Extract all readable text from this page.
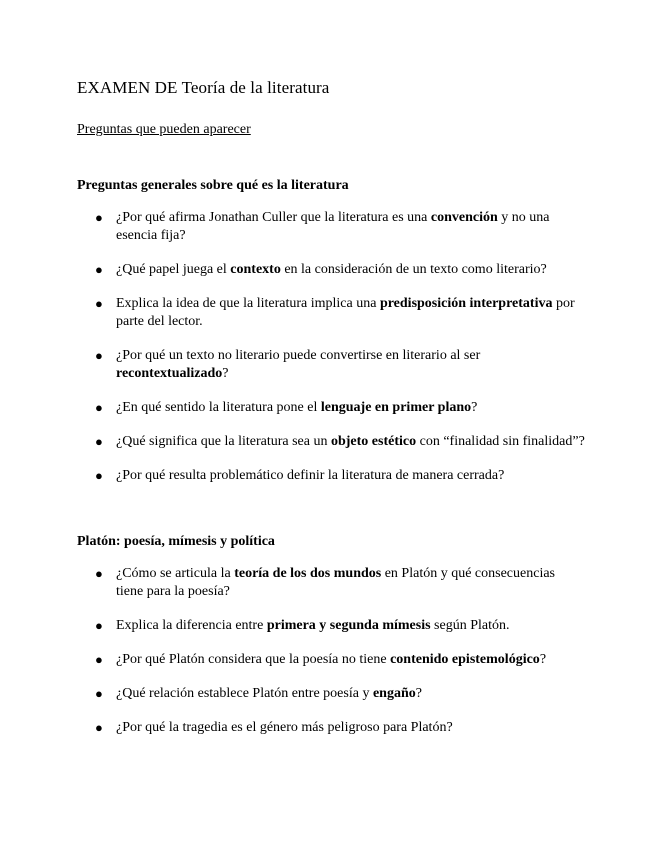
EXAMEN DE Teoría de la literatura
Preguntas que pueden aparecer
Preguntas generales sobre qué es la literatura
● ¿Por qué afirma Jonathan Culler que la literatura es una convención y no una esencia fija?
● ¿Qué papel juega el contexto en la consideración de un texto como literario?
● Explica la idea de que la literatura implica una predisposición interpretativa por parte del lector.
● ¿Por qué un texto no literario puede convertirse en literario al ser recontextualizado?
● ¿En qué sentido la literatura pone el lenguaje en primer plano?
● ¿Qué significa que la literatura sea un objeto estético con “finalidad sin finalidad”?
● ¿Por qué resulta problemático definir la literatura de manera cerrada?
Platón: poesía, mímesis y política
● ¿Cómo se articula la teoría de los dos mundos en Platón y qué consecuencias tiene para la poesía?
● Explica la diferencia entre primera y segunda mímesis según Platón.
● ¿Por qué Platón considera que la poesía no tiene contenido epistemológico?
● ¿Qué relación establece Platón entre poesía y engaño?
● ¿Por qué la tragedia es el género más peligroso para Platón?
